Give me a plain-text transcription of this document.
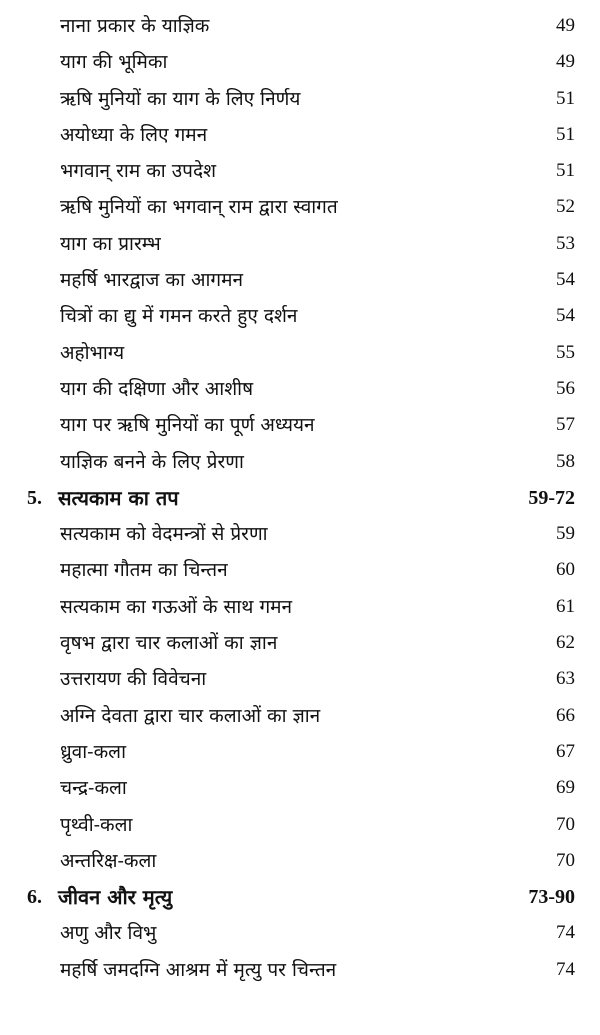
नाना प्रकार के याज्ञिक	49
याग की भूमिका	49
ऋषि मुनियों का याग के लिए निर्णय	51
अयोध्या के लिए गमन	51
भगवान् राम का उपदेश	51
ऋषि मुनियों का भगवान् राम द्वारा स्वागत	52
याग का प्रारम्भ	53
महर्षि भारद्वाज का आगमन	54
चित्रों का द्यु में गमन करते हुए दर्शन	54
अहोभाग्य	55
याग की दक्षिणा और आशीष	56
याग पर ऋषि मुनियों का पूर्ण अध्ययन	57
याज्ञिक बनने के लिए प्रेरणा	58
5. सत्यकाम का तप	59-72
सत्यकाम को वेदमन्त्रों से प्रेरणा	59
महात्मा गौतम का चिन्तन	60
सत्यकाम का गऊओं के साथ गमन	61
वृषभ द्वारा चार कलाओं का ज्ञान	62
उत्तरायण की विवेचना	63
अग्नि देवता द्वारा चार कलाओं का ज्ञान	66
ध्रुवा-कला	67
चन्द्र-कला	69
पृथ्वी-कला	70
अन्तरिक्ष-कला	70
6. जीवन और मृत्यु	73-90
अणु और विभु	74
महर्षि जमदग्नि आश्रम में मृत्यु पर चिन्तन	74
